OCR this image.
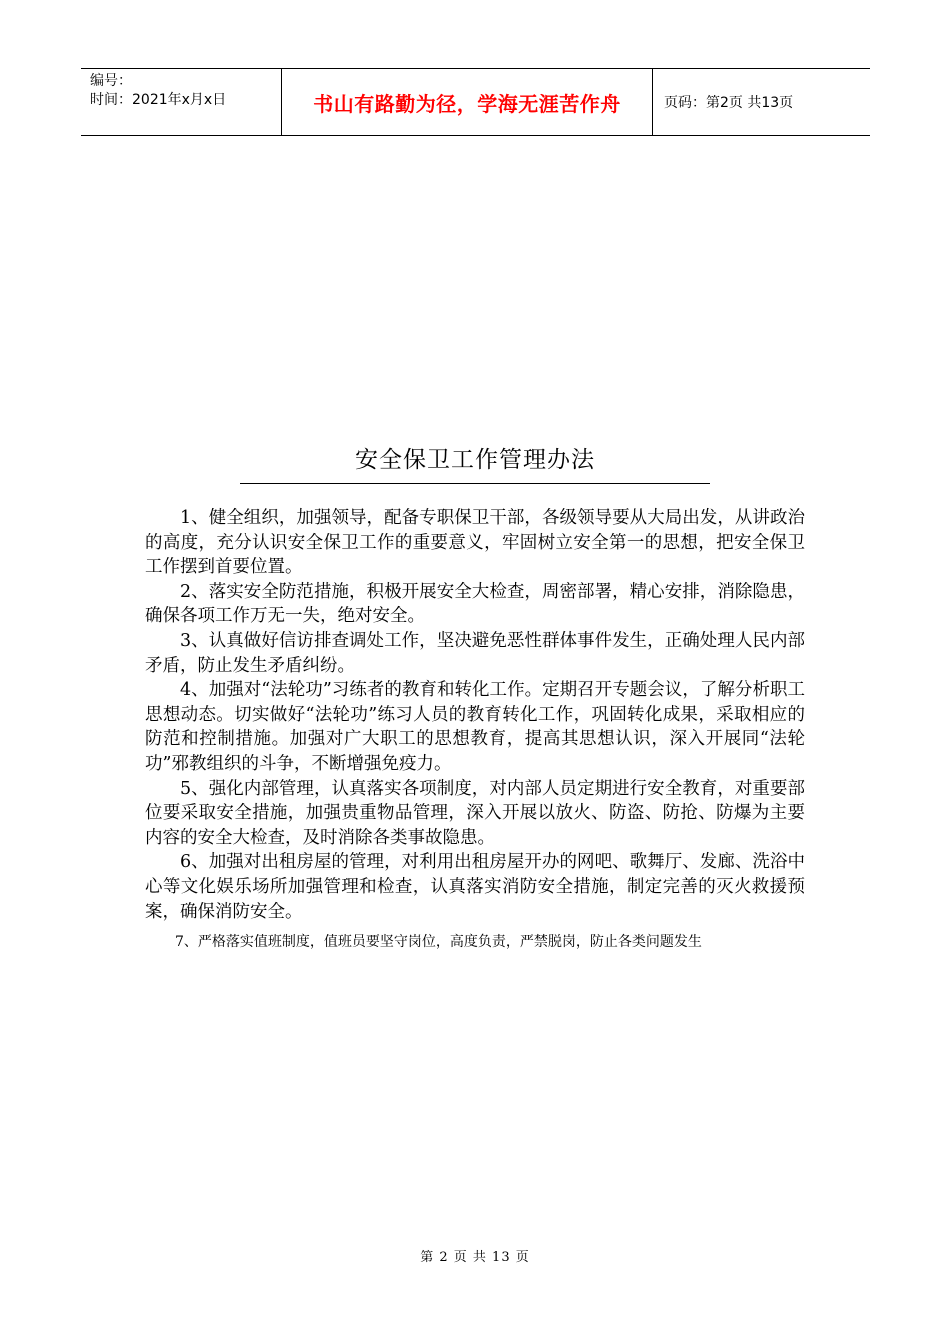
编号：
时间：2021年x月x日	书山有路勤为径，学海无涯苦作舟	页码：第2页 共13页
安全保卫工作管理办法

1、健全组织，加强领导，配备专职保卫干部，各级领导要从大局出发，从讲政治的高度，充分认识安全保卫工作的重要意义，牢固树立安全第一的思想，把安全保卫工作摆到首要位置。

2、落实安全防范措施，积极开展安全大检查，周密部署，精心安排，消除隐患，确保各项工作万无一失，绝对安全。

3、认真做好信访排查调处工作，坚决避免恶性群体事件发生，正确处理人民内部矛盾，防止发生矛盾纠纷。

4、加强对“法轮功”习练者的教育和转化工作。定期召开专题会议，了解分析职工思想动态。切实做好“法轮功”练习人员的教育转化工作，巩固转化成果，采取相应的防范和控制措施。加强对广大职工的思想教育，提高其思想认识，深入开展同“法轮功”邪教组织的斗争，不断增强免疫力。

5、强化内部管理，认真落实各项制度，对内部人员定期进行安全教育，对重要部位要采取安全措施，加强贵重物品管理，深入开展以放火、防盗、防抢、防爆为主要内容的安全大检查，及时消除各类事故隐患。

6、加强对出租房屋的管理，对利用出租房屋开办的网吧、歌舞厅、发廊、洗浴中心等文化娱乐场所加强管理和检查，认真落实消防安全措施，制定完善的灭火救援预案，确保消防安全。

7、严格落实值班制度，值班员要坚守岗位，高度负责，严禁脱岗，防止各类问题发生
第 2 页 共 13 页
